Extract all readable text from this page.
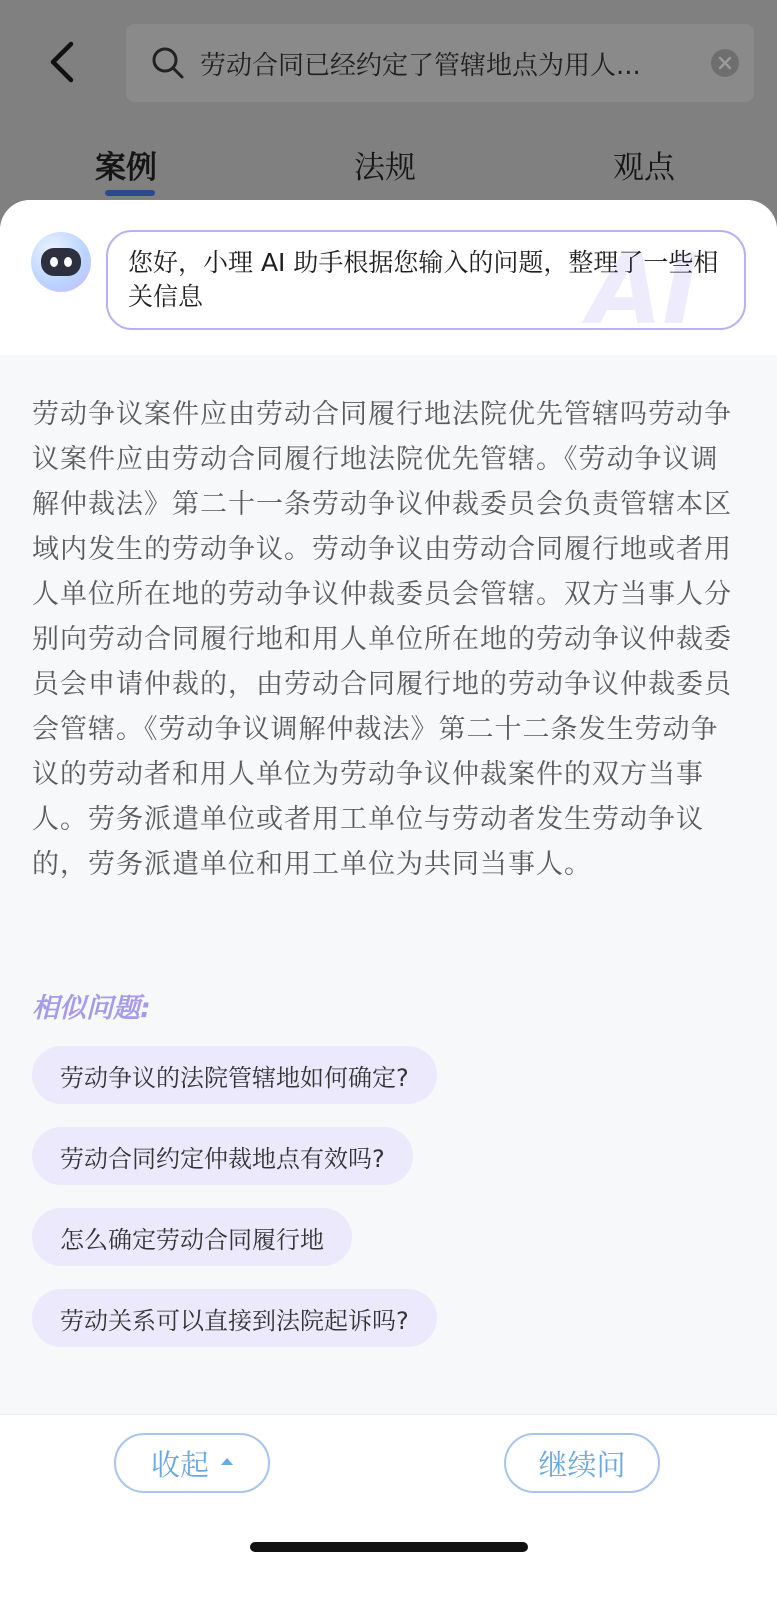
劳动合同已经约定了管辖地点为用人...
案例	法规	观点
AI
您好，小理 AI 助手根据您输入的问题，整理了一些相关信息
劳动争议案件应由劳动合同履行地法院优先管辖吗劳动争议案件应由劳动合同履行地法院优先管辖。《劳动争议调解仲裁法》第二十一条劳动争议仲裁委员会负责管辖本区域内发生的劳动争议。劳动争议由劳动合同履行地或者用人单位所在地的劳动争议仲裁委员会管辖。双方当事人分别向劳动合同履行地和用人单位所在地的劳动争议仲裁委员会申请仲裁的，由劳动合同履行地的劳动争议仲裁委员会管辖。《劳动争议调解仲裁法》第二十二条发生劳动争议的劳动者和用人单位为劳动争议仲裁案件的双方当事人。劳务派遣单位或者用工单位与劳动者发生劳动争议的，劳务派遣单位和用工单位为共同当事人。
相似问题:
劳动争议的法院管辖地如何确定?
劳动合同约定仲裁地点有效吗?
怎么确定劳动合同履行地
劳动关系可以直接到法院起诉吗?
收起	继续问
